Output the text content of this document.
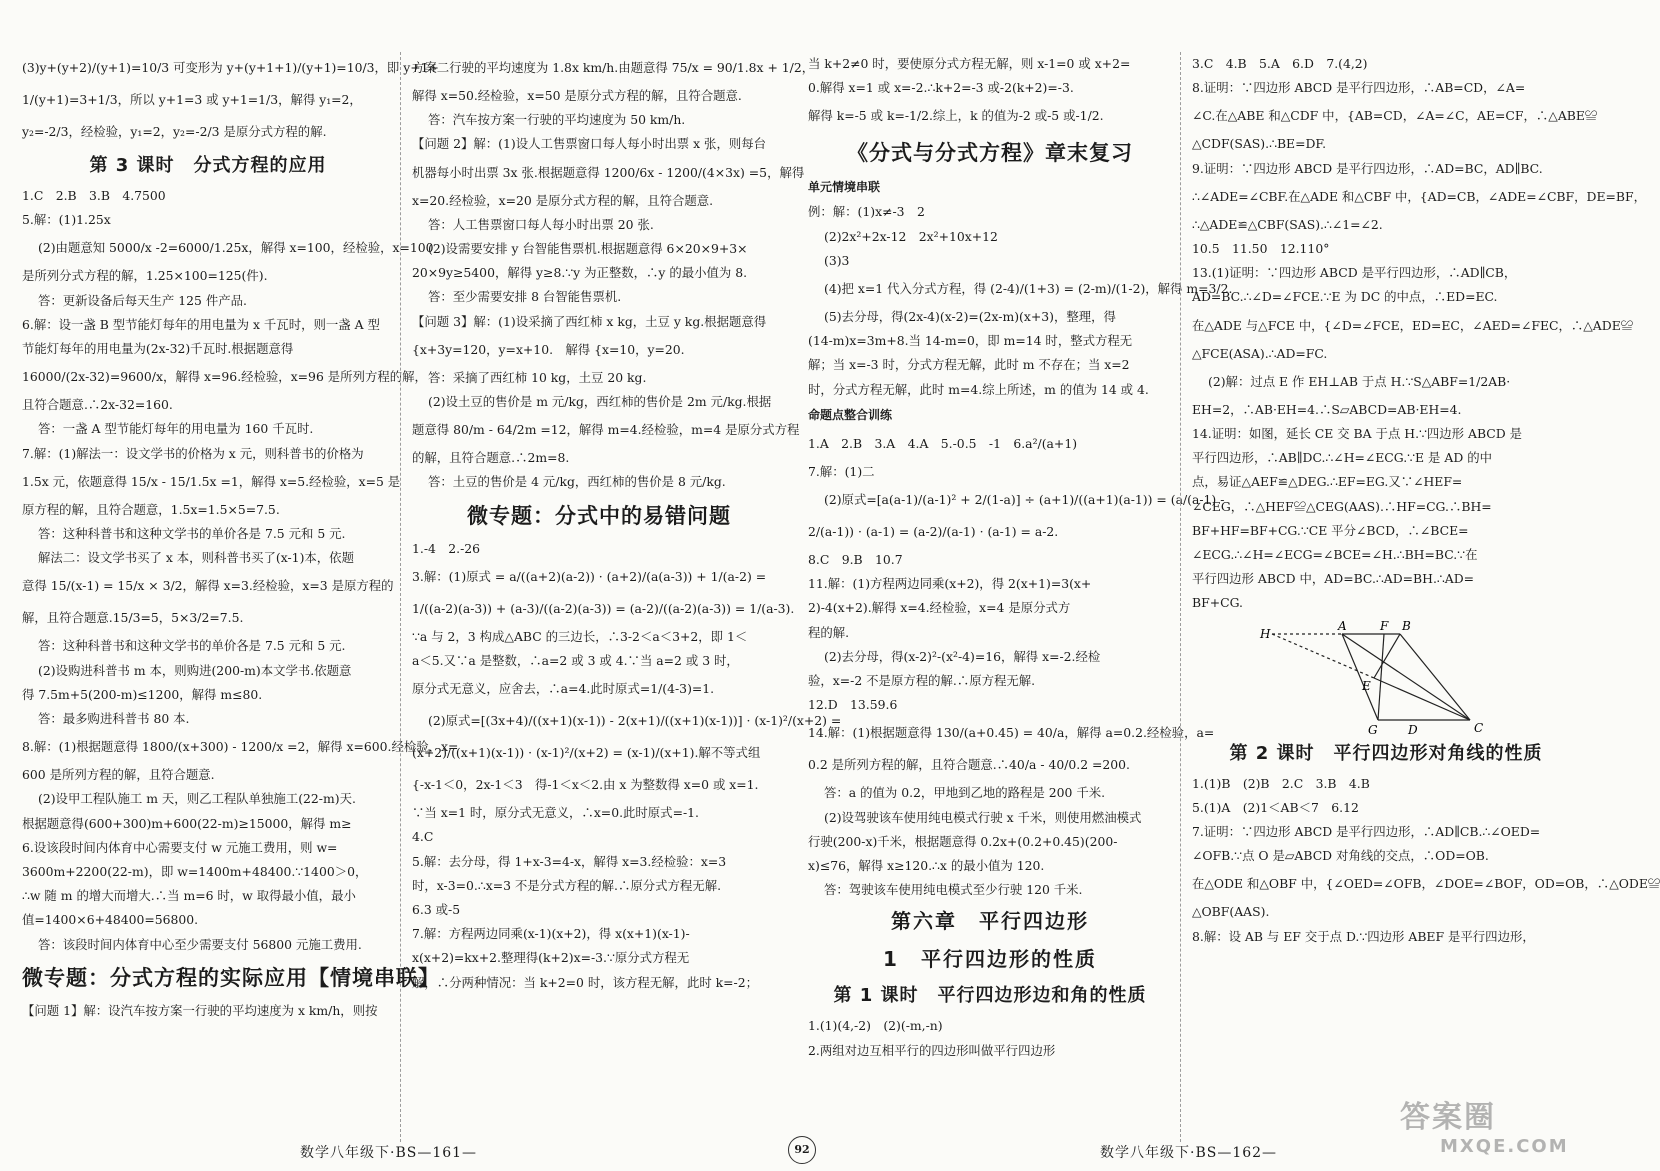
(3)y+(y+2)/(y+1)=10/3 可变形为 y+(y+1+1)/(y+1)=10/3，即 y+1+
1/(y+1)=3+1/3，所以 y+1=3 或 y+1=1/3，解得 y₁=2，
y₂=-2/3，经检验，y₁=2，y₂=-2/3 是原分式方程的解.
第 3 课时　分式方程的应用
1.C　2.B　3.B　4.7500
5.解：(1)1.25x
(2)由题意知 5000/x -2=6000/1.25x，解得 x=100，经检验，x=100
是所列分式方程的解，1.25×100=125(件).
答：更新设备后每天生产 125 件产品.
6.解：设一盏 B 型节能灯每年的用电量为 x 千瓦时，则一盏 A 型
节能灯每年的用电量为(2x-32)千瓦时.根据题意得
16000/(2x-32)=9600/x，解得 x=96.经检验，x=96 是所列方程的解，
且符合题意.∴2x-32=160.
答：一盏 A 型节能灯每年的用电量为 160 千瓦时.
7.解：(1)解法一：设文学书的价格为 x 元，则科普书的价格为
1.5x 元，依题意得 15/x - 15/1.5x =1，解得 x=5.经检验，x=5 是
原方程的解，且符合题意，1.5x=1.5×5=7.5.
答：这种科普书和这种文学书的单价各是 7.5 元和 5 元.
解法二：设文学书买了 x 本，则科普书买了(x-1)本，依题
意得 15/(x-1) = 15/x × 3/2，解得 x=3.经检验，x=3 是原方程的
解，且符合题意.15/3=5，5×3/2=7.5.
答：这种科普书和这种文学书的单价各是 7.5 元和 5 元.
(2)设购进科普书 m 本，则购进(200-m)本文学书.依题意
得 7.5m+5(200-m)≤1200，解得 m≤80.
答：最多购进科普书 80 本.
8.解：(1)根据题意得 1800/(x+300) - 1200/x =2，解得 x=600.经检验，x=
600 是所列方程的解，且符合题意.
(2)设甲工程队施工 m 天，则乙工程队单独施工(22-m)天.
根据题意得(600+300)m+600(22-m)≥15000，解得 m≥
6.设该段时间内体育中心需要支付 w 元施工费用，则 w=
3600m+2200(22-m)，即 w=1400m+48400.∵1400＞0，
∴w 随 m 的增大而增大.∴当 m=6 时，w 取得最小值，最小
值=1400×6+48400=56800.
答：该段时间内体育中心至少需要支付 56800 元施工费用.
微专题：分式方程的实际应用【情境串联】
【问题 1】解：设汽车按方案一行驶的平均速度为 x km/h，则按
方案二行驶的平均速度为 1.8x km/h.由题意得 75/x = 90/1.8x + 1/2，
解得 x=50.经检验，x=50 是原分式方程的解，且符合题意.
答：汽车按方案一行驶的平均速度为 50 km/h.
【问题 2】解：(1)设人工售票窗口每人每小时出票 x 张，则每台
机器每小时出票 3x 张.根据题意得 1200/6x - 1200/(4×3x) =5，解得
x=20.经检验，x=20 是原分式方程的解，且符合题意.
答：人工售票窗口每人每小时出票 20 张.
(2)设需要安排 y 台智能售票机.根据题意得 6×20×9+3×
20×9y≥5400，解得 y≥8.∵y 为正整数，∴y 的最小值为 8.
答：至少需要安排 8 台智能售票机.
【问题 3】解：(1)设采摘了西红柿 x kg，土豆 y kg.根据题意得
{x+3y=120，y=x+10.　解得 {x=10，y=20.
答：采摘了西红柿 10 kg，土豆 20 kg.
(2)设土豆的售价是 m 元/kg，西红柿的售价是 2m 元/kg.根据
题意得 80/m - 64/2m =12，解得 m=4.经检验，m=4 是原分式方程
的解，且符合题意.∴2m=8.
答：土豆的售价是 4 元/kg，西红柿的售价是 8 元/kg.
微专题：分式中的易错问题
1.-4　2.-26
3.解：(1)原式 = a/((a+2)(a-2)) · (a+2)/(a(a-3)) + 1/(a-2) =
1/((a-2)(a-3)) + (a-3)/((a-2)(a-3)) = (a-2)/((a-2)(a-3)) = 1/(a-3).
∵a 与 2，3 构成△ABC 的三边长，∴3-2＜a＜3+2，即 1＜
a＜5.又∵a 是整数，∴a=2 或 3 或 4.∵当 a=2 或 3 时，
原分式无意义，应舍去，∴a=4.此时原式=1/(4-3)=1.
(2)原式=[(3x+4)/((x+1)(x-1)) - 2(x+1)/((x+1)(x-1))] · (x-1)²/(x+2) =
(x+2)/((x+1)(x-1)) · (x-1)²/(x+2) = (x-1)/(x+1).解不等式组
{-x-1＜0，2x-1＜3　得-1＜x＜2.由 x 为整数得 x=0 或 x=1.
∵当 x=1 时，原分式无意义，∴x=0.此时原式=-1.
4.C
5.解：去分母，得 1+x-3=4-x，解得 x=3.经检验：x=3
时，x-3=0.∴x=3 不是分式方程的解.∴原分式方程无解.
6.3 或-5
7.解：方程两边同乘(x-1)(x+2)，得 x(x+1)(x-1)-
x(x+2)=kx+2.整理得(k+2)x=-3.∵原分式方程无
解，∴分两种情况：当 k+2=0 时，该方程无解，此时 k=-2；
当 k+2≠0 时，要使原分式方程无解，则 x-1=0 或 x+2=
0.解得 x=1 或 x=-2.∴k+2=-3 或-2(k+2)=-3.
解得 k=-5 或 k=-1/2.综上，k 的值为-2 或-5 或-1/2.
《分式与分式方程》章末复习
单元情境串联
例：解：(1)x≠-3　2
(2)2x²+2x-12　2x²+10x+12
(3)3
(4)把 x=1 代入分式方程，得 (2-4)/(1+3) = (2-m)/(1-2)，解得 m=3/2.
(5)去分母，得(2x-4)(x-2)=(2x-m)(x+3)，整理，得
(14-m)x=3m+8.当 14-m=0，即 m=14 时，整式方程无
解；当 x=-3 时，分式方程无解，此时 m 不存在；当 x=2
时，分式方程无解，此时 m=4.综上所述，m 的值为 14 或 4.
命题点整合训练
1.A　2.B　3.A　4.A　5.-0.5　-1　6.a²/(a+1)
7.解：(1)二
(2)原式=[a(a-1)/(a-1)² + 2/(1-a)] ÷ (a+1)/((a+1)(a-1)) = (a/(a-1) -
2/(a-1)) · (a-1) = (a-2)/(a-1) · (a-1) = a-2.
8.C　9.B　10.7
11.解：(1)方程两边同乘(x+2)，得 2(x+1)=3(x+
2)-4(x+2).解得 x=4.经检验，x=4 是原分式方
程的解.
(2)去分母，得(x-2)²-(x²-4)=16，解得 x=-2.经检
验，x=-2 不是原方程的解.∴原方程无解.
12.D　13.59.6
14.解：(1)根据题意得 130/(a+0.45) = 40/a，解得 a=0.2.经检验，a=
0.2 是所列方程的解，且符合题意.∴40/a - 40/0.2 =200.
答：a 的值为 0.2，甲地到乙地的路程是 200 千米.
(2)设驾驶该车使用纯电模式行驶 x 千米，则使用燃油模式
行驶(200-x)千米，根据题意得 0.2x+(0.2+0.45)(200-
x)≤76，解得 x≥120.∴x 的最小值为 120.
答：驾驶该车使用纯电模式至少行驶 120 千米.
第六章　平行四边形
1　平行四边形的性质
第 1 课时　平行四边形边和角的性质
1.(1)(4,-2)　(2)(-m,-n)
2.两组对边互相平行的四边形叫做平行四边形
3.C　4.B　5.A　6.D　7.(4,2)
8.证明：∵四边形 ABCD 是平行四边形，∴AB=CD，∠A=
∠C.在△ABE 和△CDF 中，{AB=CD，∠A=∠C，AE=CF，∴△ABE≌
△CDF(SAS).∴BE=DF.
9.证明：∵四边形 ABCD 是平行四边形，∴AD=BC，AD∥BC.
∴∠ADE=∠CBF.在△ADE 和△CBF 中，{AD=CB，∠ADE=∠CBF，DE=BF，
∴△ADE≌△CBF(SAS).∴∠1=∠2.
10.5　11.50　12.110°
13.(1)证明：∵四边形 ABCD 是平行四边形，∴AD∥CB，
AD=BC.∴∠D=∠FCE.∵E 为 DC 的中点，∴ED=EC.
在△ADE 与△FCE 中，{∠D=∠FCE，ED=EC，∠AED=∠FEC，∴△ADE≌
△FCE(ASA).∴AD=FC.
(2)解：过点 E 作 EH⊥AB 于点 H.∵S△ABF=1/2AB·
EH=2，∴AB·EH=4.∴S▱ABCD=AB·EH=4.
14.证明：如图，延长 CE 交 BA 于点 H.∵四边形 ABCD 是
平行四边形，∴AB∥DC.∴∠H=∠ECG.∵E 是 AD 的中
点，易证△AEF≌△DEG.∴EF=EG.又∵∠HEF=
∠CEG，∴△HEF≌△CEG(AAS).∴HF=CG.∴BH=
BF+HF=BF+CG.∵CE 平分∠BCD，∴∠BCE=
∠ECG.∴∠H=∠ECG=∠BCE=∠H.∴BH=BC.∵在
平行四边形 ABCD 中，AD=BC.∴AD=BH.∴AD=
BF+CG.
H
A	F B
E
G	D	C
第 2 课时　平行四边形对角线的性质
1.(1)B　(2)B　2.C　3.B　4.B
5.(1)A　(2)1＜AB＜7　6.12
7.证明：∵四边形 ABCD 是平行四边形，∴AD∥CB.∴∠OED=
∠OFB.∵点 O 是▱ABCD 对角线的交点，∴OD=OB.
在△ODE 和△OBF 中，{∠OED=∠OFB，∠DOE=∠BOF，OD=OB，∴△ODE≌
△OBF(AAS).
8.解：设 AB 与 EF 交于点 D.∵四边形 ABEF 是平行四边形，
数学八年级下·BS—161—	92	数学八年级下·BS—162—
答案圈
MXQE.COM
